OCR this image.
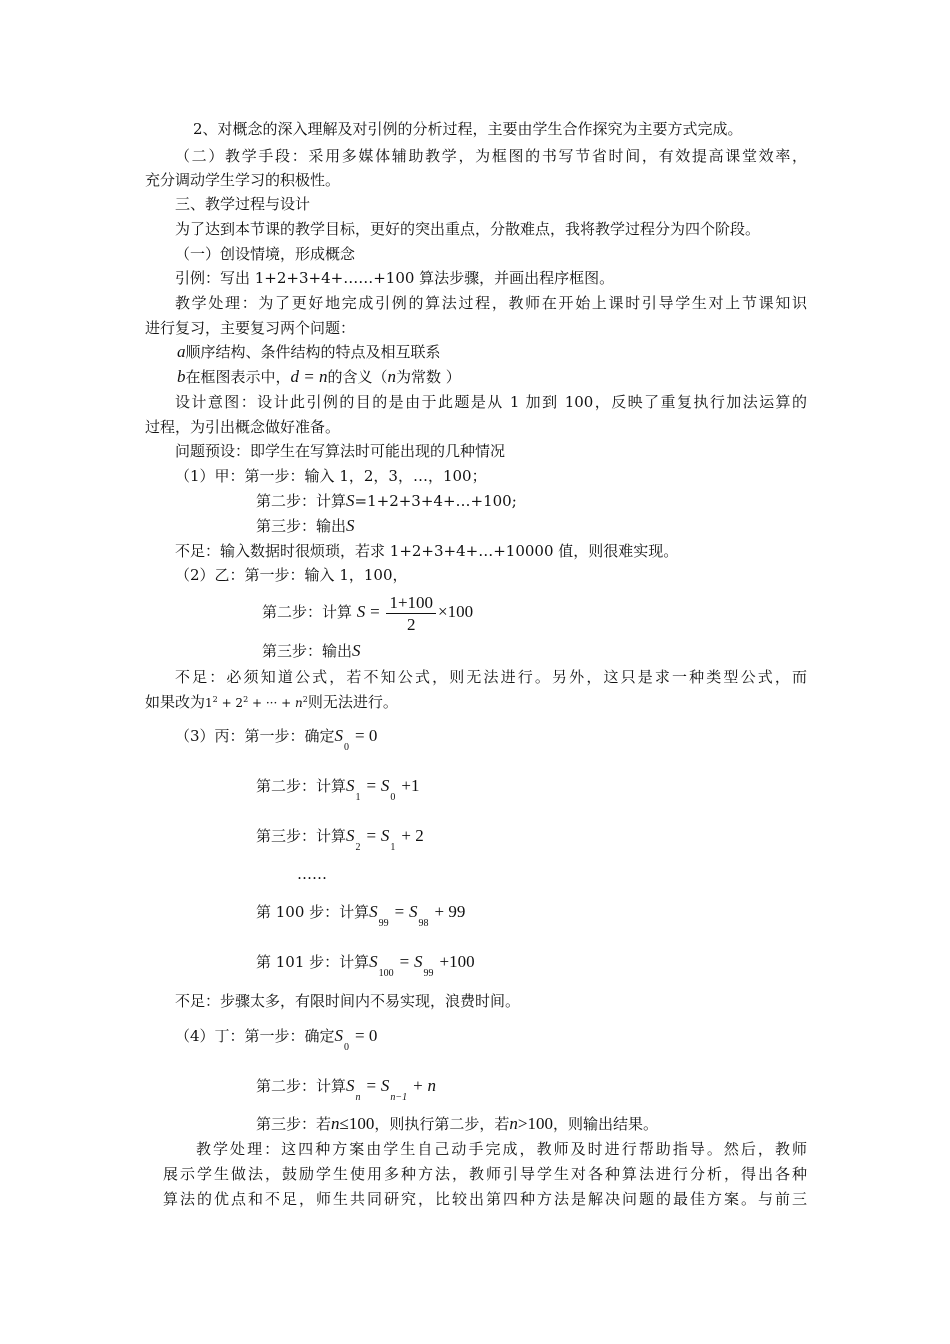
2、对概念的深入理解及对引例的分析过程，主要由学生合作探究为主要方式完成。
（二）教学手段：采用多媒体辅助教学，为框图的书写节省时间，有效提高课堂效率，
充分调动学生学习的积极性。
三、教学过程与设计
为了达到本节课的教学目标，更好的突出重点，分散难点，我将教学过程分为四个阶段。
（一）创设情境，形成概念
引例：写出 1+2+3+4+……+100 算法步骤，并画出程序框图。
教学处理：为了更好地完成引例的算法过程，教师在开始上课时引导学生对上节课知识
进行复习，主要复习两个问题：
a顺序结构、条件结构的特点及相互联系
b在框图表示中，d = n的含义（n为常数 ）
设计意图：设计此引例的目的是由于此题是从 1 加到 100，反映了重复执行加法运算的
过程，为引出概念做好准备。
问题预设：即学生在写算法时可能出现的几种情况
（1）甲：第一步：输入 1，2，3，…，100；
第二步：计算S=1+2+3+4+…+100;
第三步：输出S
不足：输入数据时很烦琐，若求 1+2+3+4+…+10000 值，则很难实现。
（2）乙：第一步：输入 1，100，
第二步：计算 $S = \frac{1+100}{2} \times 100$
第三步：输出S
不足：必须知道公式，若不知公式，则无法进行。另外，这只是求一种类型公式，而
如果改为$1^2 + 2^2$ + ··· + $n^2$则无法进行。
（3）丙：第一步：确定$S_0= 0$
第二步：计算$S_1= S_0+1$
第三步：计算$S_2= S_1+ 2$
……
第 100 步：计算$S_{99}= S_{98}+ 99$
第 101 步：计算$S_{100}= S_{99}+100$
不足：步骤太多，有限时间内不易实现，浪费时间。
（4）丁：第一步：确定$S_0= 0$
第二步：计算$S_n= S_{n-1}+ n$
第三步：若n≤100，则执行第二步，若n>100，则输出结果。
教学处理：这四种方案由学生自己动手完成，教师及时进行帮助指导。然后，教师
展示学生做法，鼓励学生使用多种方法，教师引导学生对各种算法进行分析，得出各种
算法的优点和不足，师生共同研究，比较出第四种方法是解决问题的最佳方案。与前三
